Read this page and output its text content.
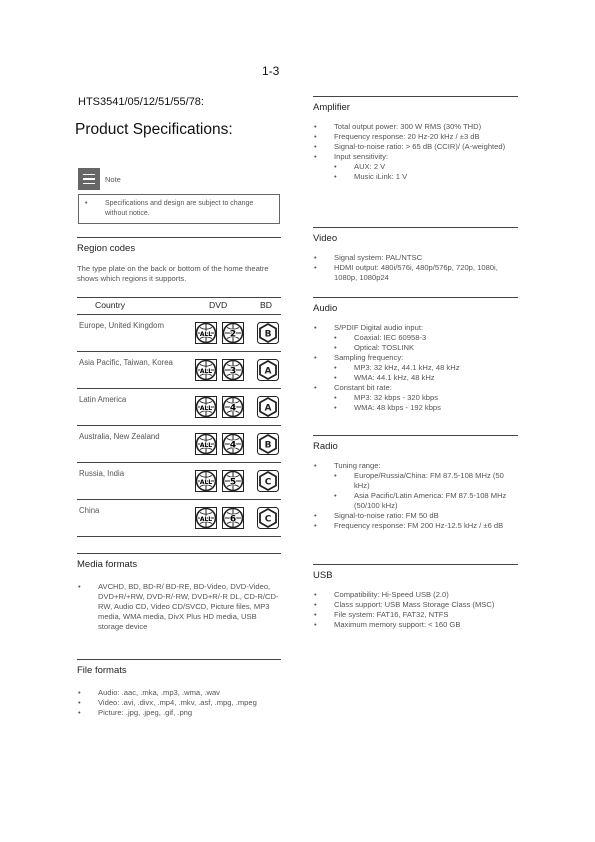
1-3
HTS3541/05/12/51/55/78:
Product Specifications:
Note
•	Specifications and design are subject to change without notice.
Region codes
The type plate on the back or bottom of the home theatre shows which regions it supports.
Country	DVD	BD
Europe, United Kingdom
ALL 2	B
Asia Pacific, Taiwan, Korea
ALL 3	A
Latin America
ALL 4	A
Australia, New Zealand
ALL 4	B
Russia, India
ALL 5	C
China
ALL 6	C
Media formats
•	AVCHD, BD, BD-R/ BD-RE, BD-Video, DVD-Video, DVD+R/+RW, DVD-R/-RW, DVD+R/-R DL, CD-R/CD-RW, Audio CD, Video CD/SVCD, Picture files, MP3 media, WMA media, DivX Plus HD media, USB storage device
File formats
•	Audio: .aac, .mka, .mp3, .wma, .wav
•	Video: .avi, .divx, .mp4, .mkv, .asf, .mpg, .mpeg
•	Picture: .jpg, .jpeg, .gif, .png
Amplifier
•	Total output power: 300 W RMS (30% THD)
•	Frequency response: 20 Hz-20 kHz / ±3 dB
•	Signal-to-noise ratio: > 65 dB (CCIR)/ (A-weighted)
•	Input sensitivity:
•	AUX: 2 V
•	Music iLink: 1 V
Video
•	Signal system: PAL/NTSC
•	HDMI output: 480i/576i, 480p/576p, 720p, 1080i, 1080p, 1080p24
Audio
•	S/PDIF Digital audio input:
•	Coaxial: IEC 60958-3
•	Optical: TOSLINK
•	Sampling frequency:
•	MP3: 32 kHz, 44.1 kHz, 48 kHz
•	WMA: 44.1 kHz, 48 kHz
•	Constant bit rate:
•	MP3: 32 kbps - 320 kbps
•	WMA: 48 kbps - 192 kbps
Radio
•	Tuning range:
•	Europe/Russia/China: FM 87.5-108 MHz (50 kHz)
•	Asia Pacific/Latin America: FM 87.5-108 MHz (50/100 kHz)
•	Signal-to-noise ratio: FM 50 dB
•	Frequency response: FM 200 Hz-12.5 kHz / ±6 dB
USB
•	Compatibility: Hi-Speed USB (2.0)
•	Class support: USB Mass Storage Class (MSC)
•	File system: FAT16, FAT32, NTFS
•	Maximum memory support: < 160 GB
